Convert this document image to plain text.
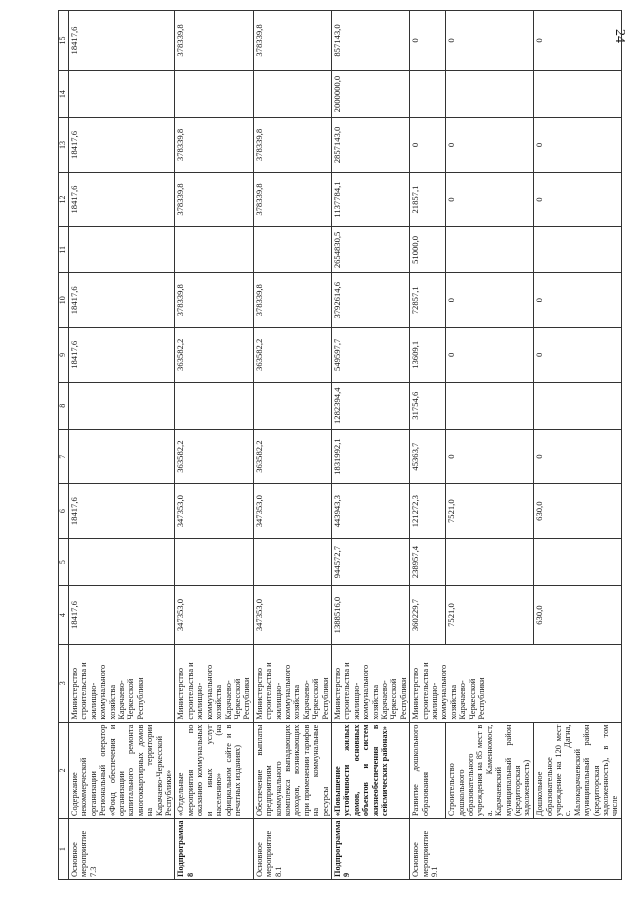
24
1	2	3	4	5	6	7	8	9	10	11	12	13	14	15
Основное мероприятие 7.3	Содержание некоммерческой организации Региональный оператор «Фонд обеспечения и организации капитального ремонта многоквартирных домов на территории Карачаево-Черкесской Республики»	Министерство строительства и жилищно-коммунального хозяйства Карачаево-Черкесской Республики	18417,6		18417,6			18417,6	18417,6		18417,6	18417,6		18417,6
Подпрограмма 8	«Отдельные мероприятия по оказанию коммунальных и иных услуг населению» (на официальном сайте и в печатных изданиях)	Министерство строительства и жилищно-коммунального хозяйства Карачаево-Черкесской Республики	347353,0		347353,0	363582,2		363582,2	378339,8		378339,8	378339,8		378339,8
Основное мероприятие 8.1	Обеспечение выплаты предприятиям коммунального комплекса выпадающих доходов, возникающих при применении тарифов на коммунальные ресурсы	Министерство строительства и жилищно-коммунального хозяйства Карачаево-Черкесской Республики	347353,0		347353,0	363582,2		363582,2	378339,8		378339,8	378339,8		378339,8
Подпрограмма 9	«Повышение устойчивости жилых домов, основных объектов и систем жизнеобеспечения в сейсмических районах»	Министерство строительства и жилищно-коммунального хозяйства Карачаево-Черкесской Республики	1388516,0	944572,7	443943,3	1831992,1	1282394,4	549597,7	3792614,6	2654830,5	1137784,1	2857143,0	2000000,0	857143,0
Основное мероприятие 9.1	Развитие дошкольного образования	Министерство строительства и жилищно-коммунального хозяйства Карачаево-Черкесской Республики	360229,7	238957,4	121272,3	45363,7	31754,6	13609,1	72857,1	51000,0	21857,1	0		0
	Строительство дошкольного образовательного учреждения на 85 мест в а. Каменномост, Карачаевский муниципальный район (кредиторская задолженность)		7521,0		7521,0	0		0	0		0	0		0
	Дошкольное образовательное учреждение на 120 мест с. Дагна, Малокарачаевский муниципальный район (кредиторская задолженность), в том числе		630,0		630,0	0		0	0		0	0		0
